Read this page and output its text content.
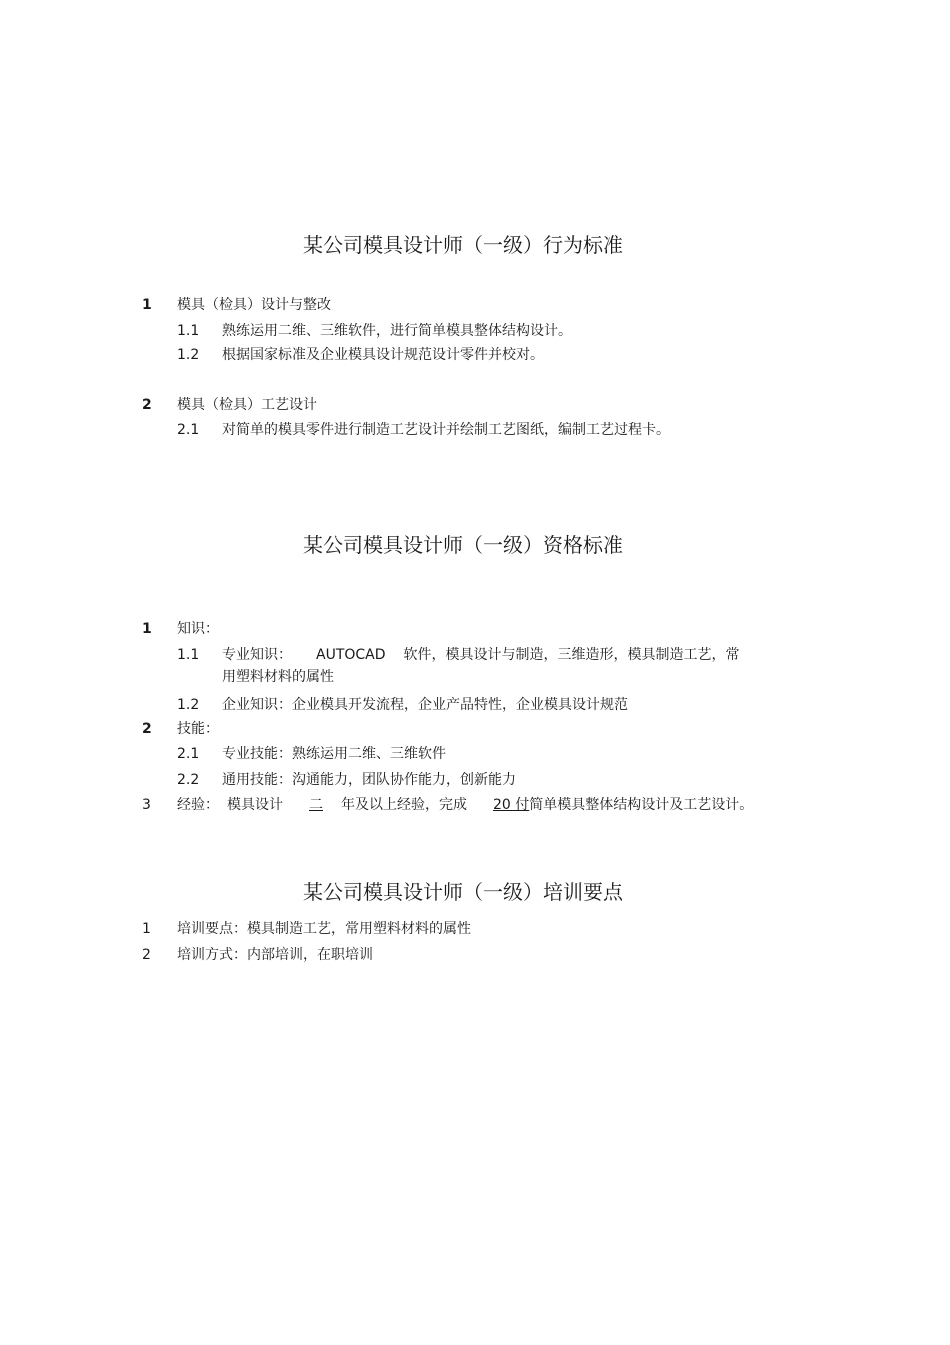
某公司模具设计师（一级）行为标准
1 模具（检具）设计与整改
1.1 熟练运用二维、三维软件，进行简单模具整体结构设计。
1.2 根据国家标准及企业模具设计规范设计零件并校对。
2 模具（检具）工艺设计
2.1 对简单的模具零件进行制造工艺设计并绘制工艺图纸，编制工艺过程卡。
某公司模具设计师（一级）资格标准
1 知识：
1.1 专业知识： AUTOCAD 软件，模具设计与制造，三维造形，模具制造工艺，常
用塑料材料的属性
1.2 企业知识：企业模具开发流程，企业产品特性，企业模具设计规范
2 技能：
2.1 专业技能：熟练运用二维、三维软件
2.2 通用技能：沟通能力，团队协作能力，创新能力
3 经验： 模具设计 二 年及以上经验，完成 20 付简单模具整体结构设计及工艺设计。
某公司模具设计师（一级）培训要点
1 培训要点：模具制造工艺，常用塑料材料的属性
2 培训方式：内部培训，在职培训
